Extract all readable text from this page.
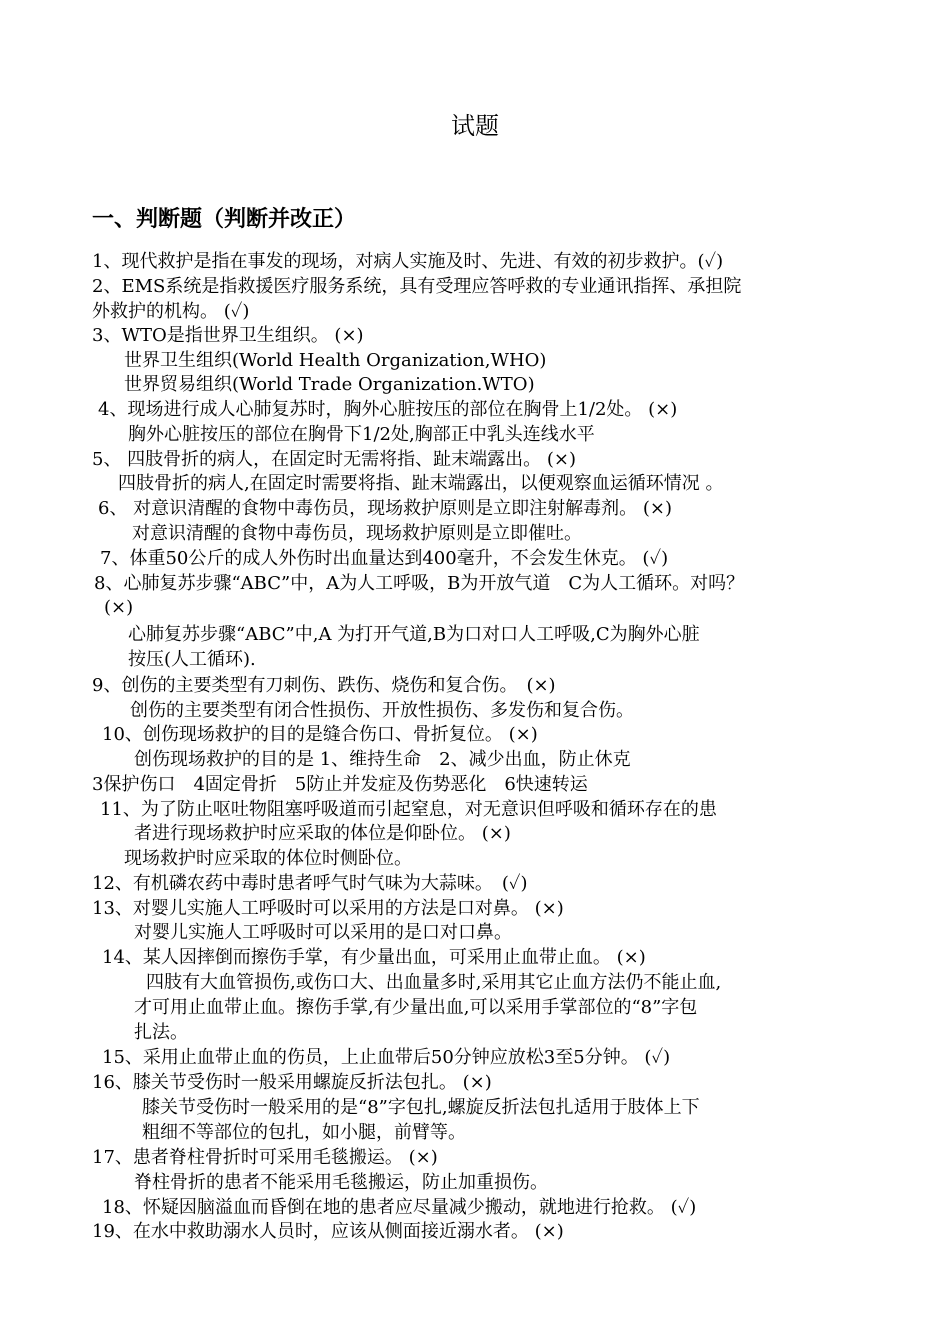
试题
一、判断题（判断并改正）
1、现代救护是指在事发的现场，对病人实施及时、先进、有效的初步救护。(✓)
2、EMS系统是指救援医疗服务系统，具有受理应答呼救的专业通讯指挥、承担院
外救护的机构。 (✓)
3、WTO是指世界卫生组织。 (×)
世界卫生组织(World Health Organization,WHO)
世界贸易组织(World Trade Organization.WTO)
4、现场进行成人心肺复苏时，胸外心脏按压的部位在胸骨上1/2处。 (×)
胸外心脏按压的部位在胸骨下1/2处,胸部正中乳头连线水平
5、 四肢骨折的病人，在固定时无需将指、趾末端露出。 (×)
四肢骨折的病人,在固定时需要将指、趾末端露出，以便观察血运循环情况 。
6、 对意识清醒的食物中毒伤员，现场救护原则是立即注射解毒剂。 (×)
对意识清醒的食物中毒伤员，现场救护原则是立即催吐。
7、体重50公斤的成人外伤时出血量达到400毫升，不会发生休克。 (✓)
8、心肺复苏步骤“ABC”中，A为人工呼吸，B为开放气道　C为人工循环。对吗？
(×)
心肺复苏步骤“ABC”中,A 为打开气道,B为口对口人工呼吸,C为胸外心脏
按压(人工循环).
9、创伤的主要类型有刀刺伤、跌伤、烧伤和复合伤。　(×)
创伤的主要类型有闭合性损伤、开放性损伤、多发伤和复合伤。
10、创伤现场救护的目的是缝合伤口、骨折复位。 (×)
创伤现场救护的目的是 1、维持生命　2、减少出血，防止休克
3保护伤口　4固定骨折　5防止并发症及伤势恶化　6快速转运
11、为了防止呕吐物阻塞呼吸道而引起窒息，对无意识但呼吸和循环存在的患
者进行现场救护时应采取的体位是仰卧位。 (×)
现场救护时应采取的体位时侧卧位。
12、有机磷农药中毒时患者呼气时气味为大蒜味。　(✓)
13、对婴儿实施人工呼吸时可以采用的方法是口对鼻。 (×)
对婴儿实施人工呼吸时可以采用的是口对口鼻。
14、某人因摔倒而擦伤手掌，有少量出血，可采用止血带止血。 (×)
四肢有大血管损伤,或伤口大、出血量多时,采用其它止血方法仍不能止血,
才可用止血带止血。擦伤手掌,有少量出血,可以采用手掌部位的“8”字包
扎法。
15、采用止血带止血的伤员，上止血带后50分钟应放松3至5分钟。 (✓)
16、膝关节受伤时一般采用螺旋反折法包扎。 (×)
膝关节受伤时一般采用的是“8”字包扎,螺旋反折法包扎适用于肢体上下
粗细不等部位的包扎，如小腿，前臂等。
17、患者脊柱骨折时可采用毛毯搬运。 (×)
脊柱骨折的患者不能采用毛毯搬运，防止加重损伤。
18、怀疑因脑溢血而昏倒在地的患者应尽量减少搬动，就地进行抢救。 (✓)
19、在水中救助溺水人员时，应该从侧面接近溺水者。 (×)
